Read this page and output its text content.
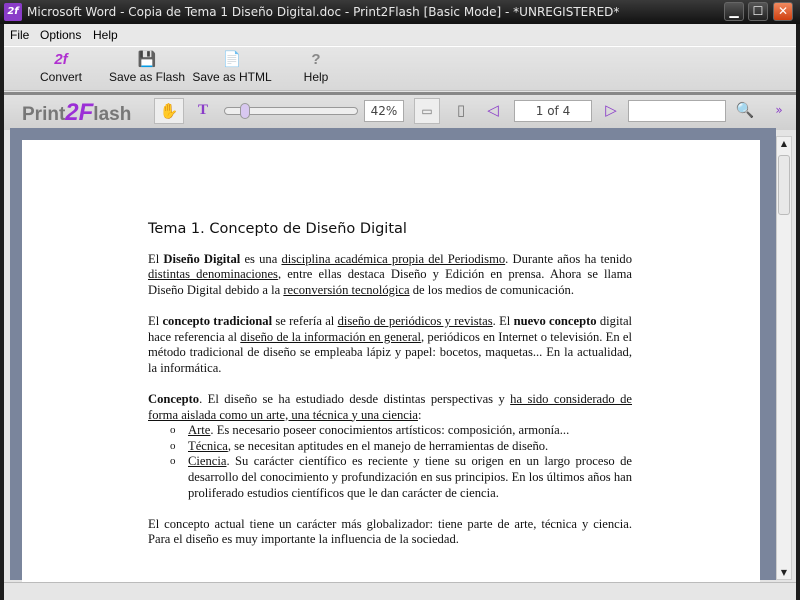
2f Microsoft Word - Copia de Tema 1 Diseño Digital.doc - Print2Flash [Basic Mode] - *UNREGISTERED*	▁	☐	✕
File Options Help
2f
Convert
💾
Save as Flash
📄
Save as HTML
?
Help
Print2Flash	✋	T	42%	▭	▯	◁	1 of 4	▷	🔍	»
Tema 1. Concepto de Diseño Digital

El Diseño Digital es una disciplina académica propia del Periodismo. Durante años ha tenido distintas denominaciones, entre ellas destaca Diseño y Edición en prensa. Ahora se llama Diseño Digital debido a la reconversión tecnológica de los medios de comunicación.

El concepto tradicional se refería al diseño de periódicos y revistas. El nuevo concepto digital hace referencia al diseño de la información en general, periódicos en Internet o televisión. En el método tradicional de diseño se empleaba lápiz y papel: bocetos, maquetas... En la actualidad, la informática.

Concepto. El diseño se ha estudiado desde distintas perspectivas y ha sido considerado de forma aislada como un arte, una técnica y una ciencia:

o Arte. Es necesario poseer conocimientos artísticos: composición, armonía...
o Técnica, se necesitan aptitudes en el manejo de herramientas de diseño.
o Ciencia. Su carácter científico es reciente y tiene su origen en un largo proceso de desarrollo del conocimiento y profundización en sus principios. En los últimos años han proliferado estudios científicos que le dan carácter de ciencia.

El concepto actual tiene un carácter más globalizador: tiene parte de arte, técnica y ciencia. Para el diseño es muy importante la influencia de la sociedad.

▲
▼
